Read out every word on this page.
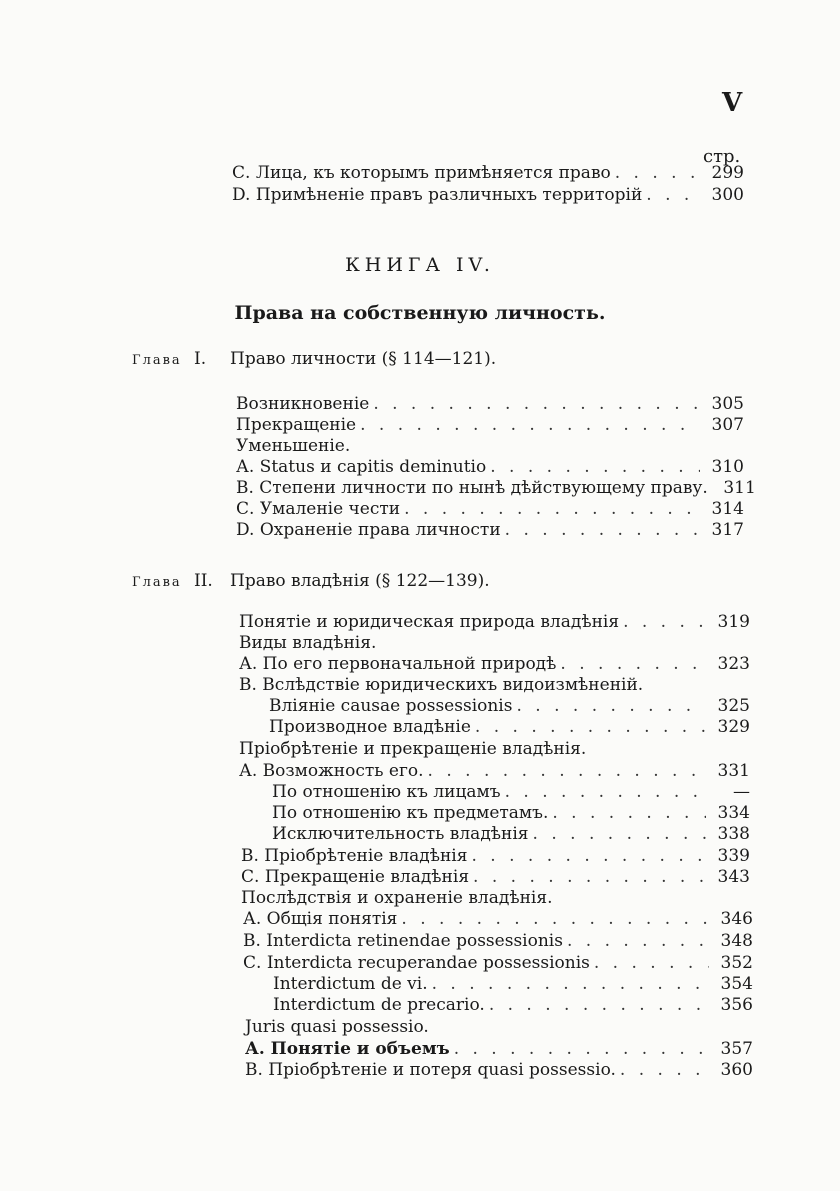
V
стр.
С. Лица, къ которымъ примѣняется право . . .	299
D. Примѣненіе правъ различныхъ территорій . . .	300
КНИГА IV.
Права на собственную личность.
Глава I. Право личности (§ 114—121).
Возникновеніе . . .	305
Прекращеніе . . .	307
Уменьшеніе.
А. Status и capitis deminutio . . .	310
В. Степени личности по нынѣ дѣйствующему праву. 311
С. Умаленіе чести . . .	314
D. Охраненіе права личности . . .	317
Глава II. Право владѣнія (§ 122—139).
Понятіе и юридическая природа владѣнія . . .	319
Виды владѣнія.
А. По его первоначальной природѣ . . .	323
В. Вслѣдствіе юридическихъ видоизмѣненій.
Вліяніе causae possessionis . . .	325
Производное владѣніе . . .	329
Пріобрѣтеніе и прекращеніе владѣнія.
А. Возможность его. . . .	331
По отношенію къ лицамъ . . .	—
По отношенію къ предметамъ. . . .	334
Исключительность владѣнія . . .	338
В. Пріобрѣтеніе владѣнія . . .	339
С. Прекращеніе владѣнія . . .	343
Послѣдствія и охраненіе владѣнія.
А. Общія понятія . . .	346
В. Interdicta retinendae possessionis . . .	348
С. Interdicta recuperandae possessionis . . .	352
Interdictum de vi. . . .	354
Interdictum de precario. . . .	356
Juris quasi possessio.
А. Понятіе и объемъ . . .	357
В. Пріобрѣтеніе и потеря quasi possessio. . . .	360
